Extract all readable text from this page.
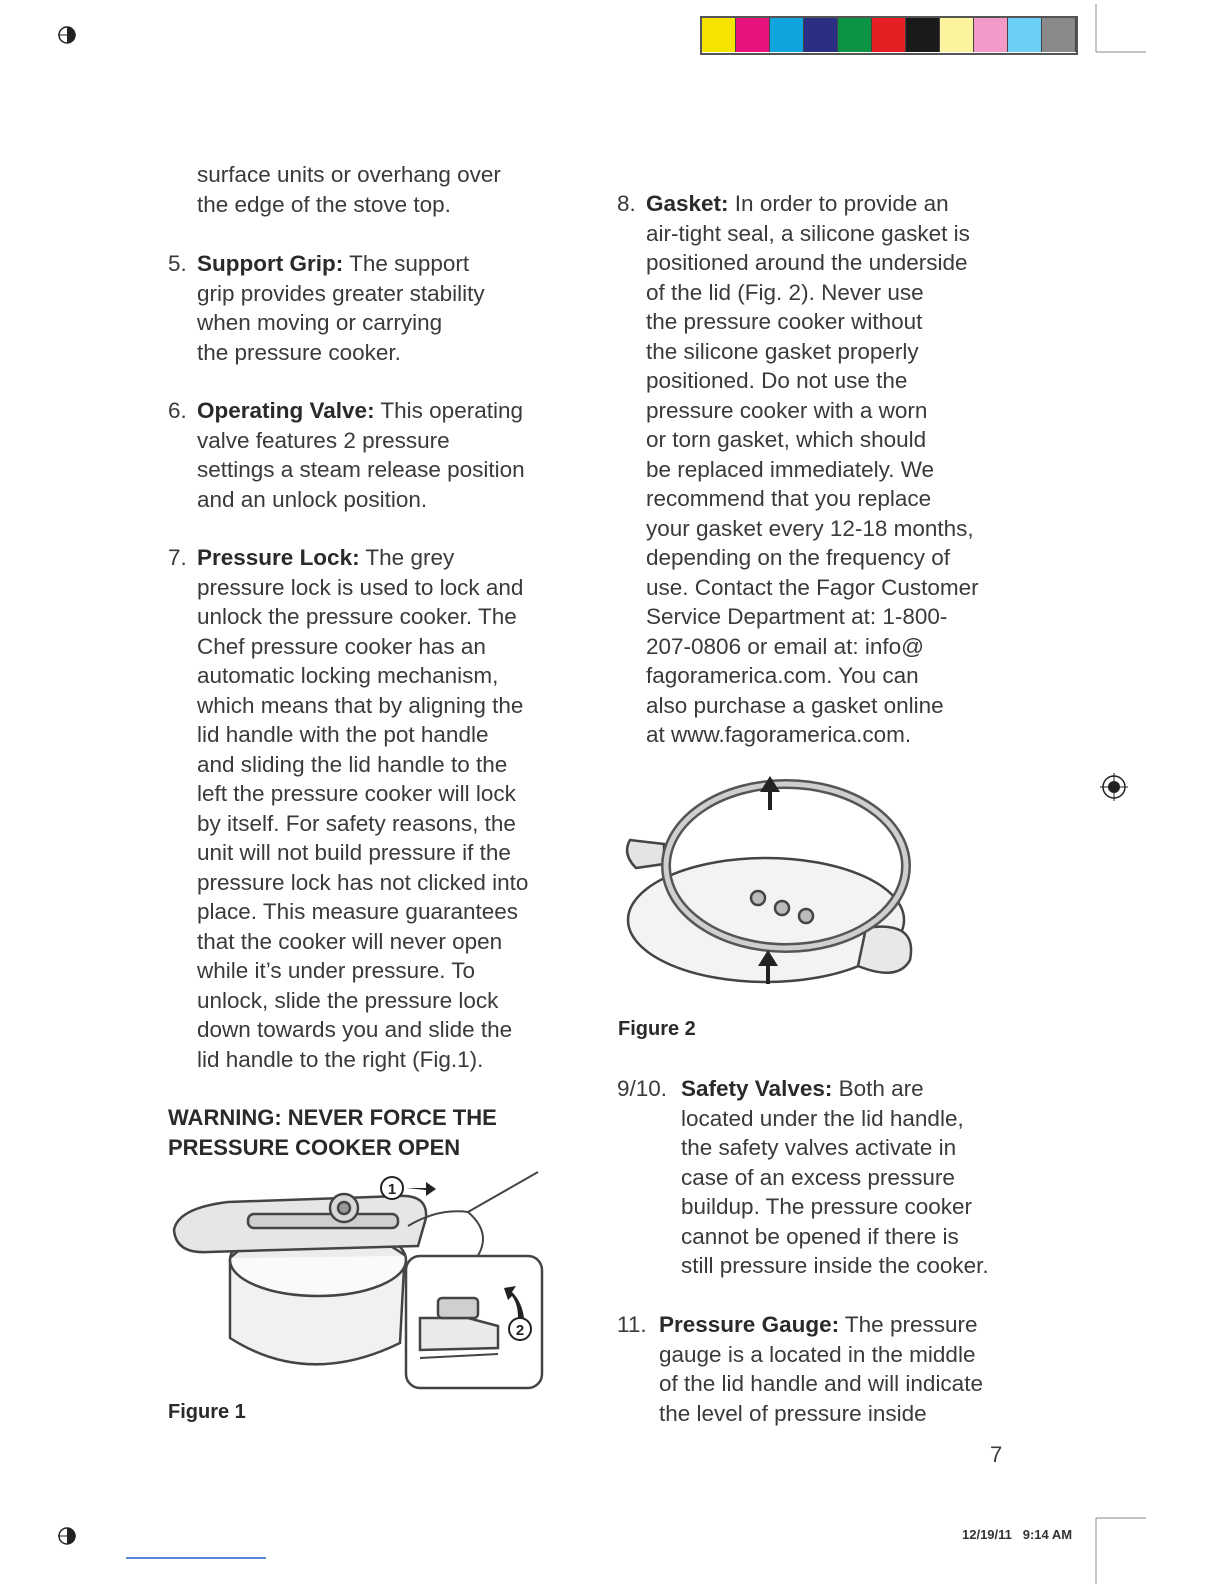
surface units or overhang over
the edge of the stove top.
5. Support Grip: The support
grip provides greater stability
when moving or carrying
the pressure cooker.
6. Operating Valve: This operating
valve features 2 pressure
settings a steam release position
and an unlock position.
7. Pressure Lock: The grey
pressure lock is used to lock and
unlock the pressure cooker. The
Chef pressure cooker has an
automatic locking mechanism,
which means that by aligning the
lid handle with the pot handle
and sliding the lid handle to the
left the pressure cooker will lock
by itself. For safety reasons, the
unit will not build pressure if the
pressure lock has not clicked into
place. This measure guarantees
that the cooker will never open
while it’s under pressure. To
unlock, slide the pressure lock
down towards you and slide the
lid handle to the right (Fig.1).
WARNING: NEVER FORCE THE
PRESSURE COOKER OPEN
1
2
Figure 1
8. Gasket: In order to provide an
air-tight seal, a silicone gasket is
positioned around the underside
of the lid (Fig. 2). Never use
the pressure cooker without
the silicone gasket properly
positioned. Do not use the
pressure cooker with a worn
or torn gasket, which should
be replaced immediately. We
recommend that you replace
your gasket every 12-18 months,
depending on the frequency of
use. Contact the Fagor Customer
Service Department at: 1-800-
207-0806 or email at: info@
fagoramerica.com. You can
also purchase a gasket online
at www.fagoramerica.com.
Figure 2
9/10. Safety Valves: Both are
located under the lid handle,
the safety valves activate in
case of an excess pressure
buildup. The pressure cooker
cannot be opened if there is
still pressure inside the cooker.
11. Pressure Gauge: The pressure
gauge is a located in the middle
of the lid handle and will indicate
the level of pressure inside
7
12/19/11   9:14 AM
